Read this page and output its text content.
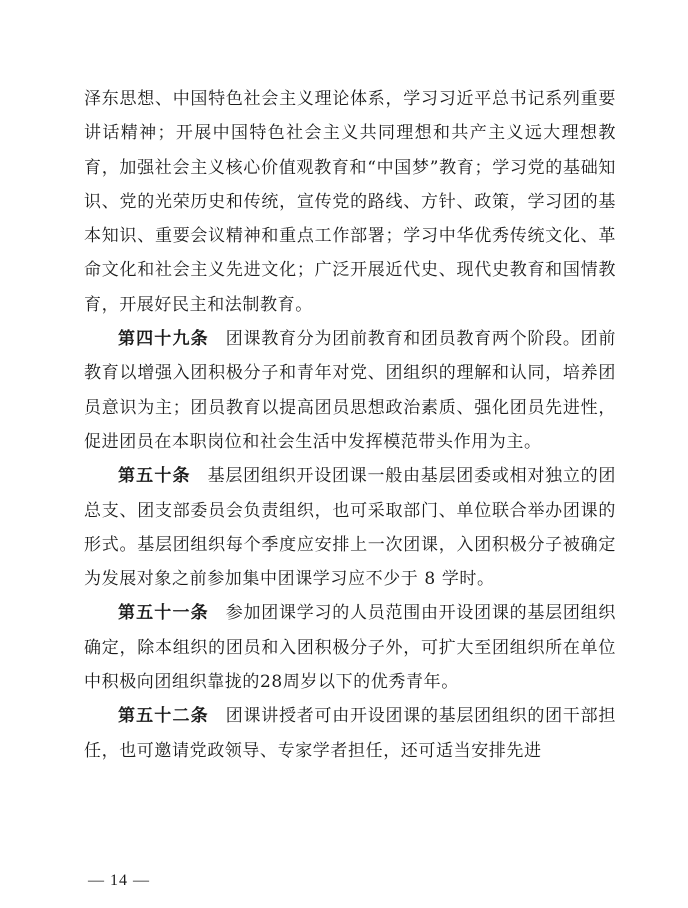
泽东思想、中国特色社会主义理论体系，学习习近平总书记系列重要讲话精神；开展中国特色社会主义共同理想和共产主义远大理想教育，加强社会主义核心价值观教育和“中国梦”教育；学习党的基础知识、党的光荣历史和传统，宣传党的路线、方针、政策，学习团的基本知识、重要会议精神和重点工作部署；学习中华优秀传统文化、革命文化和社会主义先进文化；广泛开展近代史、现代史教育和国情教育，开展好民主和法制教育。

第四十九条 团课教育分为团前教育和团员教育两个阶段。团前教育以增强入团积极分子和青年对党、团组织的理解和认同，培养团员意识为主；团员教育以提高团员思想政治素质、强化团员先进性，促进团员在本职岗位和社会生活中发挥模范带头作用为主。

第五十条 基层团组织开设团课一般由基层团委或相对独立的团总支、团支部委员会负责组织，也可采取部门、单位联合举办团课的形式。基层团组织每个季度应安排上一次团课，入团积极分子被确定为发展对象之前参加集中团课学习应不少于 8 学时。

第五十一条 参加团课学习的人员范围由开设团课的基层团组织确定，除本组织的团员和入团积极分子外，可扩大至团组织所在单位中积极向团组织靠拢的28周岁以下的优秀青年。

第五十二条 团课讲授者可由开设团课的基层团组织的团干部担任，也可邀请党政领导、专家学者担任，还可适当安排先进

— 14 —
